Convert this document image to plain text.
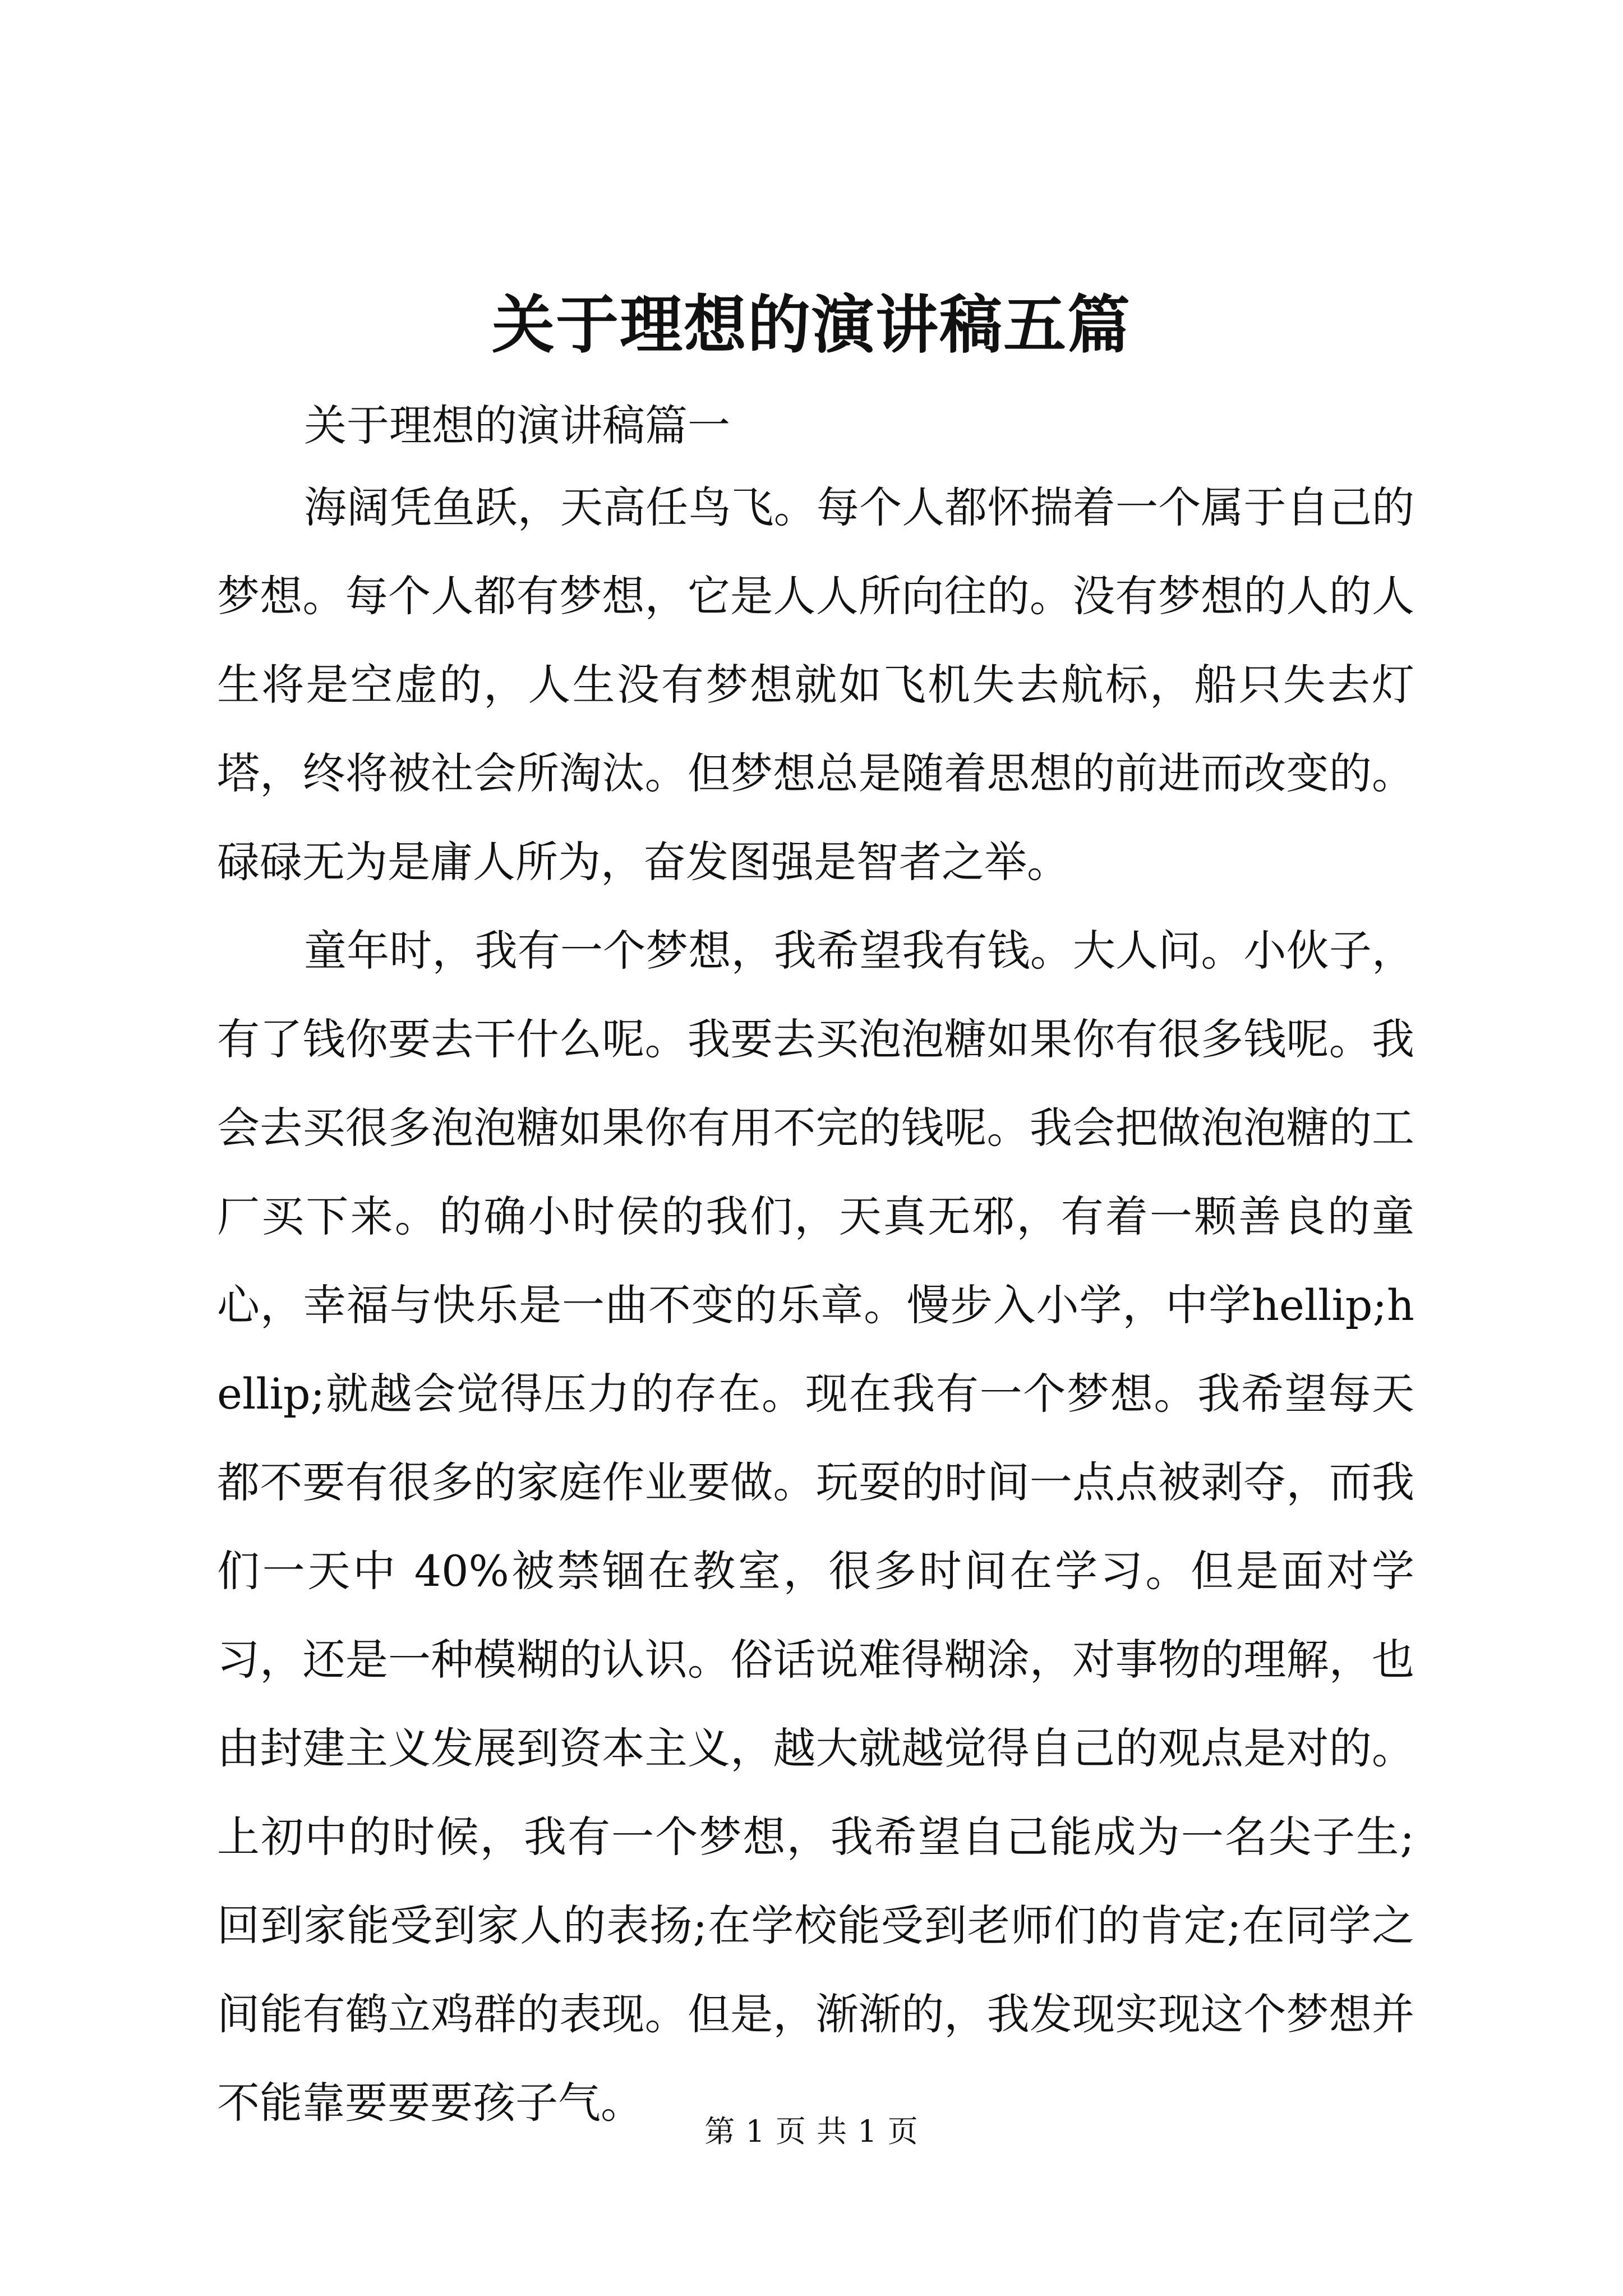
关于理想的演讲稿五篇

关于理想的演讲稿篇一

海阔凭鱼跃，天高任鸟飞。每个人都怀揣着一个属于自己的梦想。每个人都有梦想，它是人人所向往的。没有梦想的人的人生将是空虚的，人生没有梦想就如飞机失去航标，船只失去灯塔，终将被社会所淘汰。但梦想总是随着思想的前进而改变的。碌碌无为是庸人所为，奋发图强是智者之举。

童年时，我有一个梦想，我希望我有钱。大人问。小伙子，有了钱你要去干什么呢。我要去买泡泡糖如果你有很多钱呢。我会去买很多泡泡糖如果你有用不完的钱呢。我会把做泡泡糖的工厂买下来。的确小时侯的我们，天真无邪，有着一颗善良的童心，幸福与快乐是一曲不变的乐章。慢步入小学，中学hellip;hellip;就越会觉得压力的存在。现在我有一个梦想。我希望每天都不要有很多的家庭作业要做。玩耍的时间一点点被剥夺，而我们一天中 40%被禁锢在教室，很多时间在学习。但是面对学习，还是一种模糊的认识。俗话说难得糊涂，对事物的理解，也由封建主义发展到资本主义，越大就越觉得自己的观点是对的。上初中的时候，我有一个梦想，我希望自己能成为一名尖子生;回到家能受到家人的表扬;在学校能受到老师们的肯定;在同学之间能有鹤立鸡群的表现。但是，渐渐的，我发现实现这个梦想并不能靠要要要孩子气。

第 1 页 共 1 页
